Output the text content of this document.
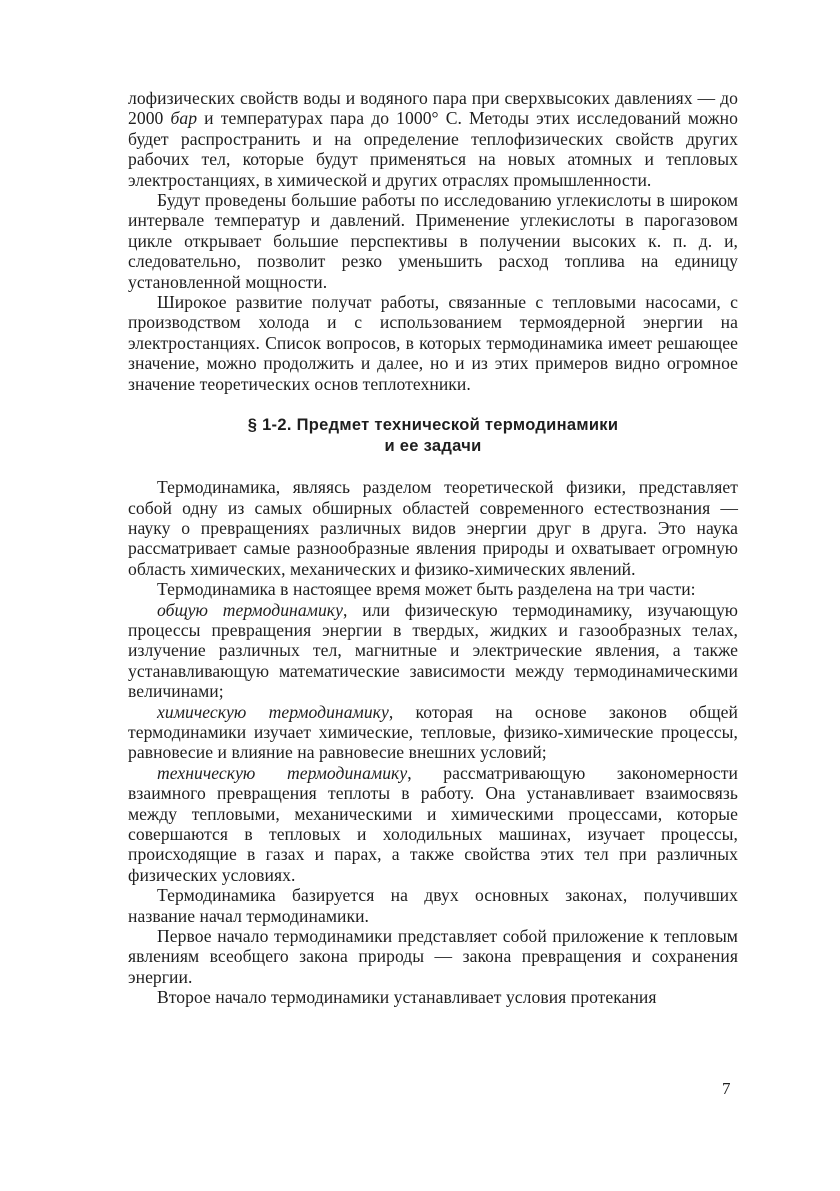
лофизических свойств воды и водяного пара при сверхвысоких давлениях — до 2000 бар и температурах пара до 1000° С. Методы этих исследований можно будет распространить и на определение теплофизических свойств других рабочих тел, которые будут применяться на новых атомных и тепловых электростанциях, в химической и других отраслях промышленности.

Будут проведены большие работы по исследованию углекислоты в широком интервале температур и давлений. Применение углекислоты в парогазовом цикле открывает большие перспективы в получении высоких к. п. д. и, следовательно, позволит резко уменьшить расход топлива на единицу установленной мощности.

Широкое развитие получат работы, связанные с тепловыми насосами, с производством холода и с использованием термоядерной энергии на электростанциях. Список вопросов, в которых термодинамика имеет решающее значение, можно продолжить и далее, но и из этих примеров видно огромное значение теоретических основ теплотехники.

§ 1-2. Предмет технической термодинамики
и ее задачи

Термодинамика, являясь разделом теоретической физики, представляет собой одну из самых обширных областей современного естествознания — науку о превращениях различных видов энергии друг в друга. Это наука рассматривает самые разнообразные явления природы и охватывает огромную область химических, механических и физико-химических явлений.

Термодинамика в настоящее время может быть разделена на три части:

общую термодинамику, или физическую термодинамику, изучающую процессы превращения энергии в твердых, жидких и газообразных телах, излучение различных тел, магнитные и электрические явления, а также устанавливающую математические зависимости между термодинамическими величинами;

химическую термодинамику, которая на основе законов общей термодинамики изучает химические, тепловые, физико-химические процессы, равновесие и влияние на равновесие внешних условий;

техническую термодинамику, рассматривающую закономерности взаимного превращения теплоты в работу. Она устанавливает взаимосвязь между тепловыми, механическими и химическими процессами, которые совершаются в тепловых и холодильных машинах, изучает процессы, происходящие в газах и парах, а также свойства этих тел при различных физических условиях.

Термодинамика базируется на двух основных законах, получивших название начал термодинамики.

Первое начало термодинамики представляет собой приложение к тепловым явлениям всеобщего закона природы — закона превращения и сохранения энергии.

Второе начало термодинамики устанавливает условия протекания

7
